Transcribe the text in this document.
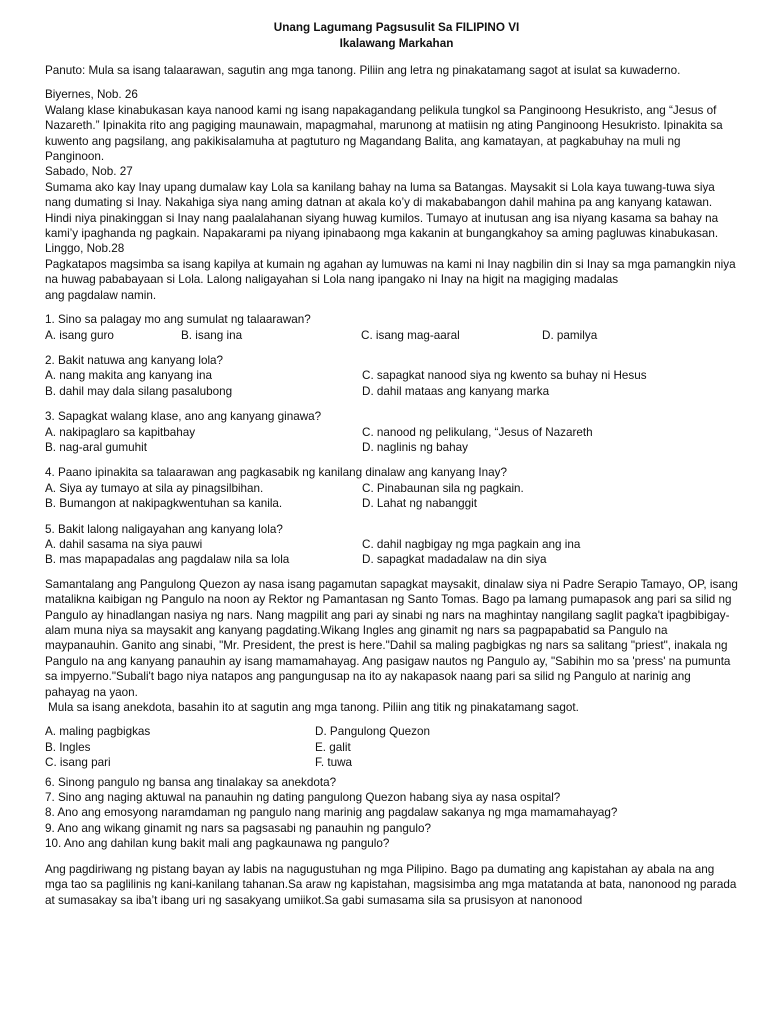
Unang Lagumang Pagsusulit Sa FILIPINO VI
Ikalawang Markahan

Panuto: Mula sa isang talaarawan, sagutin ang mga tanong. Piliin ang letra ng pinakatamang sagot at isulat sa kuwaderno.

Biyernes, Nob. 26

Walang klase kinabukasan kaya nanood kami ng isang napakagandang pelikula tungkol sa Panginoong Hesukristo, ang “Jesus of Nazareth.” Ipinakita rito ang pagiging maunawain, mapagmahal, marunong at matiisin ng ating Panginoong Hesukristo. Ipinakita sa kuwento ang pagsilang, ang pakikisalamuha at pagtuturo ng Magandang Balita, ang kamatayan, at pagkabuhay na muli ng Panginoon.

Sabado, Nob. 27

Sumama ako kay Inay upang dumalaw kay Lola sa kanilang bahay na luma sa Batangas. Maysakit si Lola kaya tuwang-tuwa siya nang dumating si Inay. Nakahiga siya nang aming datnan at akala ko’y di makababangon dahil mahina pa ang kanyang katawan. Hindi niya pinakinggan si Inay nang paalalahanan siyang huwag kumilos. Tumayo at inutusan ang isa niyang kasama sa bahay na kami’y ipaghanda ng pagkain. Napakarami pa niyang ipinabaong mga kakanin at bungangkahoy sa aming pagluwas kinabukasan.

Linggo, Nob.28

Pagkatapos magsimba sa isang kapilya at kumain ng agahan ay lumuwas na kami ni Inay nagbilin din si Inay sa mga pamangkin niya na huwag pababayaan si Lola. Lalong naligayahan si Lola nang ipangako ni Inay na higit na magiging madalas

ang pagdalaw namin.

1. Sino sa palagay mo ang sumulat ng talaarawan?

A. isang guro	B. isang ina	C. isang mag-aaral	D. pamilya

2. Bakit natuwa ang kanyang lola?

A. nang makita ang kanyang ina	C. sapagkat nanood siya ng kwento sa buhay ni Hesus
B. dahil may dala silang pasalubong	D. dahil mataas ang kanyang marka

3. Sapagkat walang klase, ano ang kanyang ginawa?

A. nakipaglaro sa kapitbahay	C. nanood ng pelikulang, “Jesus of Nazareth
B. nag-aral gumuhit	D. naglinis ng bahay

4. Paano ipinakita sa talaarawan ang pagkasabik ng kanilang dinalaw ang kanyang Inay?

A. Siya ay tumayo at sila ay pinagsilbihan.	C. Pinabaunan sila ng pagkain.
B. Bumangon at nakipagkwentuhan sa kanila.	D. Lahat ng nabanggit

5. Bakit lalong naligayahan ang kanyang lola?

A. dahil sasama na siya pauwi	C. dahil nagbigay ng mga pagkain ang ina
B. mas mapapadalas ang pagdalaw nila sa lola	D. sapagkat madadalaw na din siya

Samantalang ang Pangulong Quezon ay nasa isang pagamutan sapagkat maysakit, dinalaw siya ni Padre Serapio Tamayo, OP, isang matalikna kaibigan ng Pangulo na noon ay Rektor ng Pamantasan ng Santo Tomas. Bago pa lamang pumapasok ang pari sa silid ng Pangulo ay hinadlangan nasiya ng nars. Nang magpilit ang pari ay sinabi ng nars na maghintay nangilang saglit pagka't ipagbibigay-alam muna niya sa maysakit ang kanyang pagdating.Wikang Ingles ang ginamit ng nars sa pagpapabatid sa Pangulo na maypanauhin. Ganito ang sinabi, "Mr. President, the prest is here."Dahil sa maling pagbigkas ng nars sa salitang "priest", inakala ng Pangulo na ang kanyang panauhin ay isang mamamahayag. Ang pasigaw nautos ng Pangulo ay, "Sabihin mo sa 'press' na pumunta sa impyerno."Subali't bago niya natapos ang pangungusap na ito ay nakapasok naang pari sa silid ng Pangulo at narinig ang pahayag na yaon.

Mula sa isang anekdota, basahin ito at sagutin ang mga tanong. Piliin ang titik ng pinakatamang sagot.

A. maling pagbigkas	D. Pangulong Quezon
B. Ingles	E. galit
C. isang pari	F. tuwa

6. Sinong pangulo ng bansa ang tinalakay sa anekdota?

7. Sino ang naging aktuwal na panauhin ng dating pangulong Quezon habang siya ay nasa ospital?

8. Ano ang emosyong naramdaman ng pangulo nang marinig ang pagdalaw sakanya ng mga mamamahayag?

9. Ano ang wikang ginamit ng nars sa pagsasabi ng panauhin ng pangulo?

10. Ano ang dahilan kung bakit mali ang pagkaunawa ng pangulo?

Ang pagdiriwang ng pistang bayan ay labis na nagugustuhan ng mga Pilipino. Bago pa dumating ang kapistahan ay abala na ang mga tao sa paglilinis ng kani-kanilang tahanan.Sa araw ng kapistahan, magsisimba ang mga matatanda at bata, nanonood ng parada at sumasakay sa iba’t ibang uri ng sasakyang umiikot.Sa gabi sumasama sila sa prusisyon at nanonood
